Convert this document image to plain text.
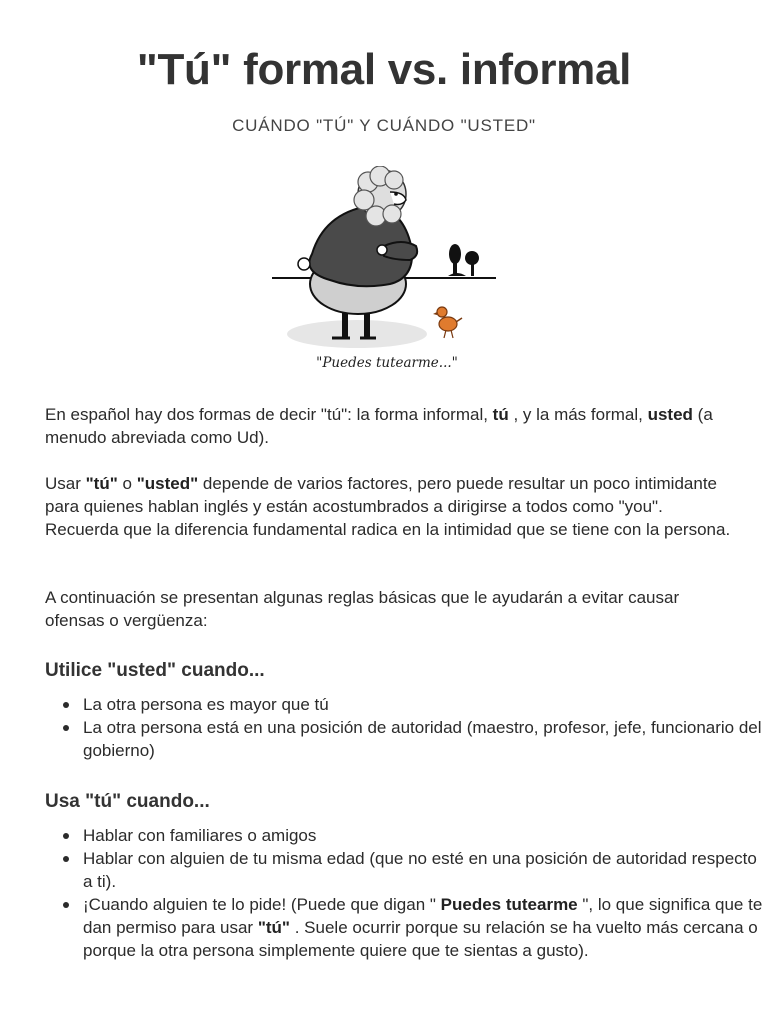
"Tú" formal vs. informal
CUÁNDO "TÚ" Y CUÁNDO "USTED"
"Puedes tutearme..."

En español hay dos formas de decir "tú": la forma informal, tú , y la más formal, usted (a menudo abreviada como Ud).

Usar "tú" o "usted" depende de varios factores, pero puede resultar un poco intimidante para quienes hablan inglés y están acostumbrados a dirigirse a todos como "you". Recuerda que la diferencia fundamental radica en la intimidad que se tiene con la persona.

A continuación se presentan algunas reglas básicas que le ayudarán a evitar causar ofensas o vergüenza:

Utilice "usted" cuando...
La otra persona es mayor que tú
La otra persona está en una posición de autoridad (maestro, profesor, jefe, funcionario del gobierno)
Usa "tú" cuando...
Hablar con familiares o amigos
Hablar con alguien de tu misma edad (que no esté en una posición de autoridad respecto a ti).
¡Cuando alguien te lo pide! (Puede que digan " Puedes tutearme ", lo que significa que te dan permiso para usar "tú" . Suele ocurrir porque su relación se ha vuelto más cercana o porque la otra persona simplemente quiere que te sientas a gusto).
